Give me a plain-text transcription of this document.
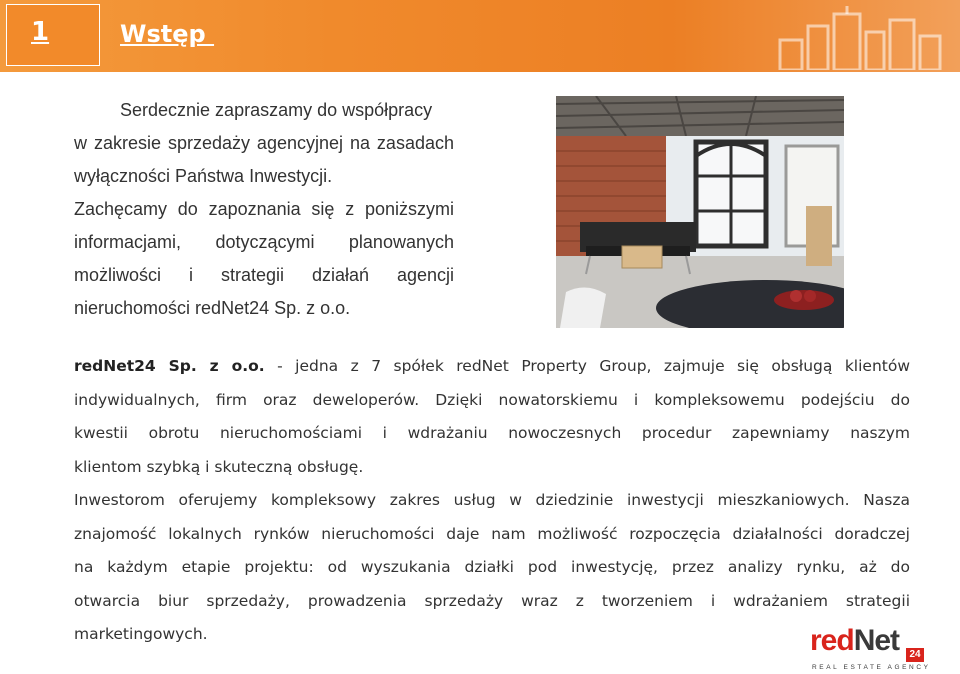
1	Wstęp
Serdecznie zapraszamy do współpracy
w zakresie sprzedaży agencyjnej na zasadach
wyłączności Państwa Inwestycji.
Zachęcamy do zapoznania się z poniższymi
informacjami, dotyczącymi planowanych
możliwości i strategii działań agencji
nieruchomości redNet24 Sp. z o.o.
redNet24 Sp. z o.o. - jedna z 7 spółek redNet Property Group, zajmuje się obsługą klientów
indywidualnych, firm oraz deweloperów. Dzięki nowatorskiemu i kompleksowemu podejściu do
kwestii obrotu nieruchomościami i wdrażaniu nowoczesnych procedur zapewniamy naszym
klientom szybką i skuteczną obsługę.
Inwestorom oferujemy kompleksowy zakres usług w dziedzinie inwestycji mieszkaniowych. Nasza
znajomość lokalnych rynków nieruchomości daje nam możliwość rozpoczęcia działalności doradczej
na każdym etapie projektu: od wyszukania działki pod inwestycję, przez analizy rynku, aż do
otwarcia biur sprzedaży, prowadzenia sprzedaży wraz z tworzeniem i wdrażaniem strategii
marketingowych.	redNet	24
REAL ESTATE AGENCY
